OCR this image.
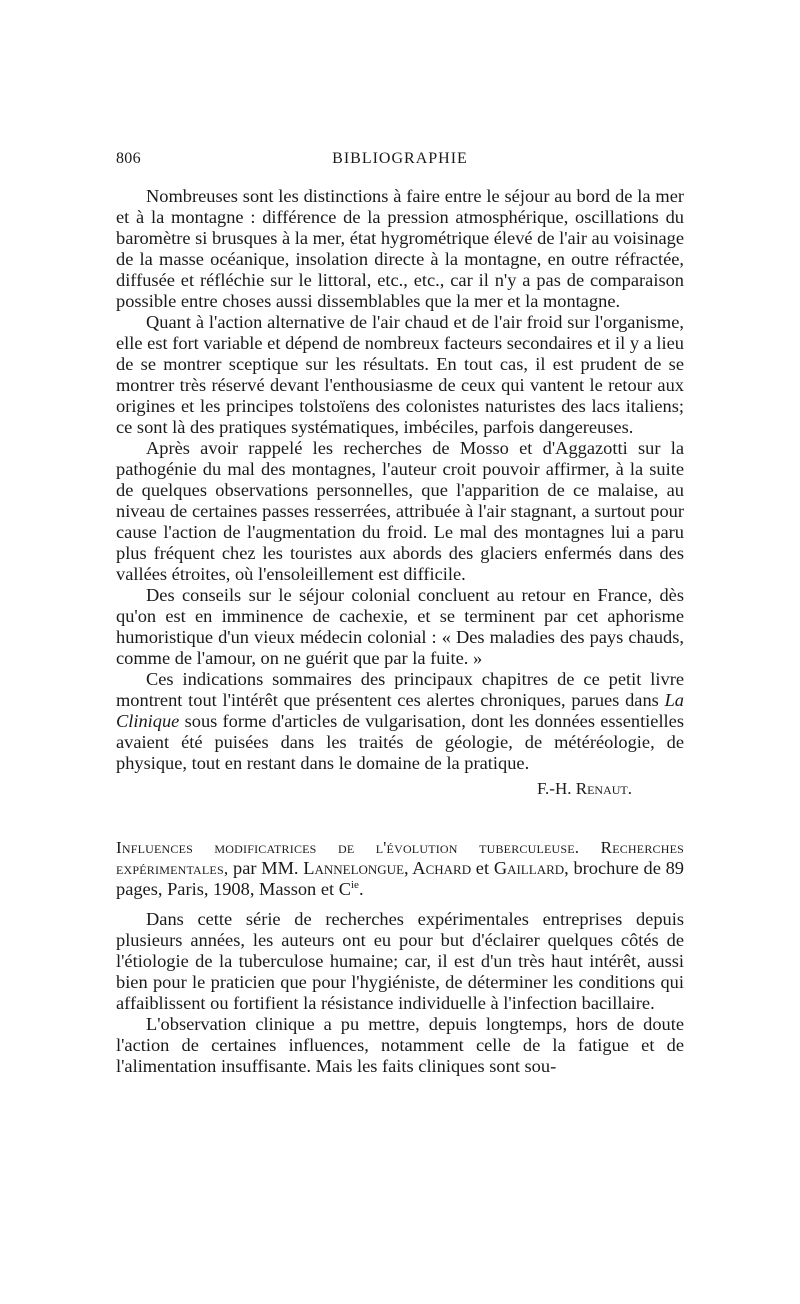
806	BIBLIOGRAPHIE

Nombreuses sont les distinctions à faire entre le séjour au bord de la mer et à la montagne : différence de la pression atmosphérique, oscillations du baromètre si brusques à la mer, état hygrométrique élevé de l'air au voisinage de la masse océanique, insolation directe à la montagne, en outre réfractée, diffusée et réfléchie sur le littoral, etc., etc., car il n'y a pas de comparaison possible entre choses aussi dissemblables que la mer et la montagne.

Quant à l'action alternative de l'air chaud et de l'air froid sur l'organisme, elle est fort variable et dépend de nombreux facteurs secondaires et il y a lieu de se montrer sceptique sur les résultats. En tout cas, il est prudent de se montrer très réservé devant l'enthousiasme de ceux qui vantent le retour aux origines et les principes tolstoïens des colonistes naturistes des lacs italiens; ce sont là des pratiques systématiques, imbéciles, parfois dangereuses.

Après avoir rappelé les recherches de Mosso et d'Aggazotti sur la pathogénie du mal des montagnes, l'auteur croit pouvoir affirmer, à la suite de quelques observations personnelles, que l'apparition de ce malaise, au niveau de certaines passes resserrées, attribuée à l'air stagnant, a surtout pour cause l'action de l'augmentation du froid. Le mal des montagnes lui a paru plus fréquent chez les touristes aux abords des glaciers enfermés dans des vallées étroites, où l'ensoleillement est difficile.

Des conseils sur le séjour colonial concluent au retour en France, dès qu'on est en imminence de cachexie, et se terminent par cet aphorisme humoristique d'un vieux médecin colonial : « Des maladies des pays chauds, comme de l'amour, on ne guérit que par la fuite. »

Ces indications sommaires des principaux chapitres de ce petit livre montrent tout l'intérêt que présentent ces alertes chroniques, parues dans La Clinique sous forme d'articles de vulgarisation, dont les données essentielles avaient été puisées dans les traités de géologie, de météréologie, de physique, tout en restant dans le domaine de la pratique.

F.-H. Renaut.
Influences modificatrices de l'évolution tuberculeuse. Recherches expérimentales, par MM. Lannelongue, Achard et Gaillard, brochure de 89 pages, Paris, 1908, Masson et $C^{ie}$.

Dans cette série de recherches expérimentales entreprises depuis plusieurs années, les auteurs ont eu pour but d'éclairer quelques côtés de l'étiologie de la tuberculose humaine; car, il est d'un très haut intérêt, aussi bien pour le praticien que pour l'hygiéniste, de déterminer les conditions qui affaiblissent ou fortifient la résistance individuelle à l'infection bacillaire.

L'observation clinique a pu mettre, depuis longtemps, hors de doute l'action de certaines influences, notamment celle de la fatigue et de l'alimentation insuffisante. Mais les faits cliniques sont sou-
